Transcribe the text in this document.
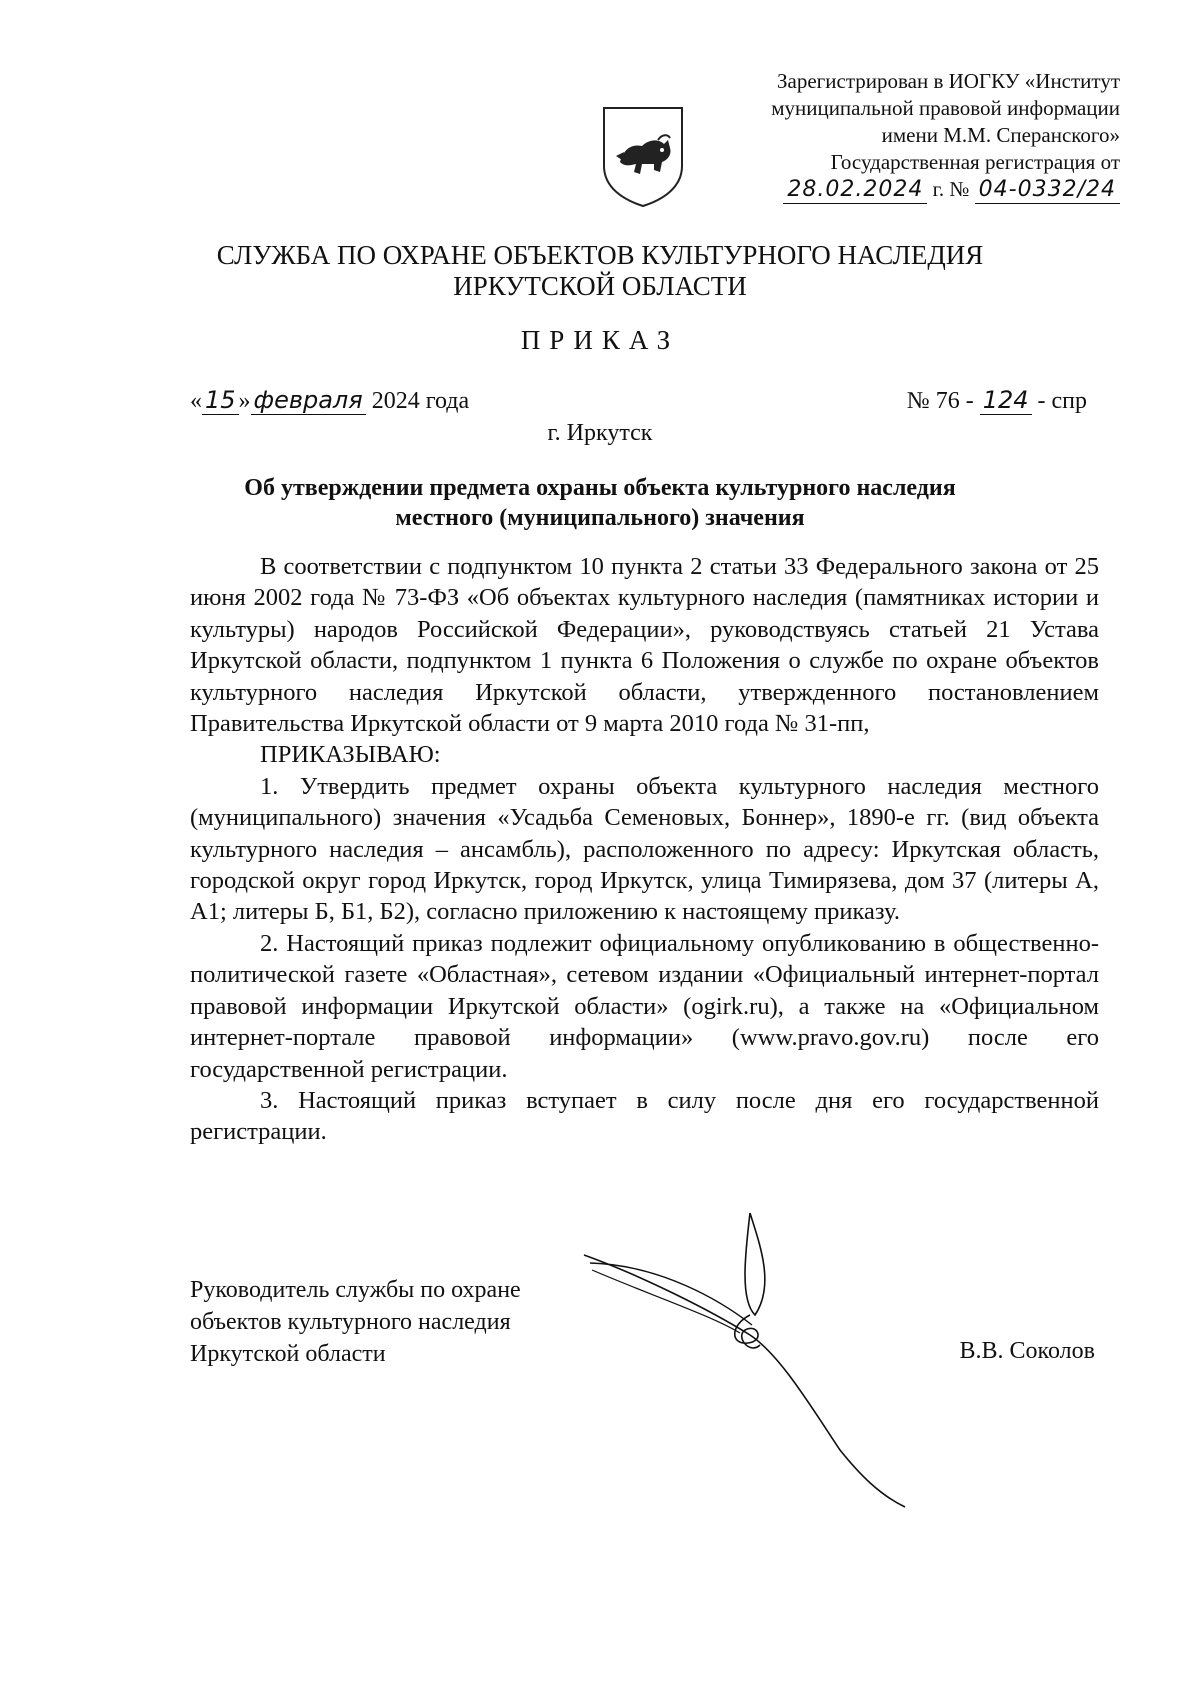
Зарегистрирован в ИОГКУ «Институт
муниципальной правовой информации
имени М.М. Сперанского»
Государственная регистрация от
28.02.2024 г. № 04-0332/24
СЛУЖБА ПО ОХРАНЕ ОБЪЕКТОВ КУЛЬТУРНОГО НАСЛЕДИЯ
ИРКУТСКОЙ ОБЛАСТИ
ПРИКАЗ
« 15 » февраля 2024 года	№ 76 - 124 - спр
г. Иркутск
Об утверждении предмета охраны объекта культурного наследия
местного (муниципального) значения

В соответствии с подпунктом 10 пункта 2 статьи 33 Федерального закона от 25 июня 2002 года № 73-ФЗ «Об объектах культурного наследия (памятниках истории и культуры) народов Российской Федерации», руководствуясь статьей 21 Устава Иркутской области, подпунктом 1 пункта 6 Положения о службе по охране объектов культурного наследия Иркутской области, утвержденного постановлением Правительства Иркутской области от 9 марта 2010 года № 31-пп,

ПРИКАЗЫВАЮ:

1. Утвердить предмет охраны объекта культурного наследия местного (муниципального) значения «Усадьба Семеновых, Боннер», 1890-е гг. (вид объекта культурного наследия – ансамбль), расположенного по адресу: Иркутская область, городской округ город Иркутск, город Иркутск, улица Тимирязева, дом 37 (литеры А, А1; литеры Б, Б1, Б2), согласно приложению к настоящему приказу.

2. Настоящий приказ подлежит официальному опубликованию в общественно-политической газете «Областная», сетевом издании «Официальный интернет-портал правовой информации Иркутской области» (ogirk.ru), а также на «Официальном интернет-портале правовой информации» (www.pravo.gov.ru) после его государственной регистрации.

3. Настоящий приказ вступает в силу после дня его государственной регистрации.

Руководитель службы по охране
объектов культурного наследия
Иркутской области	В.В. Соколов
